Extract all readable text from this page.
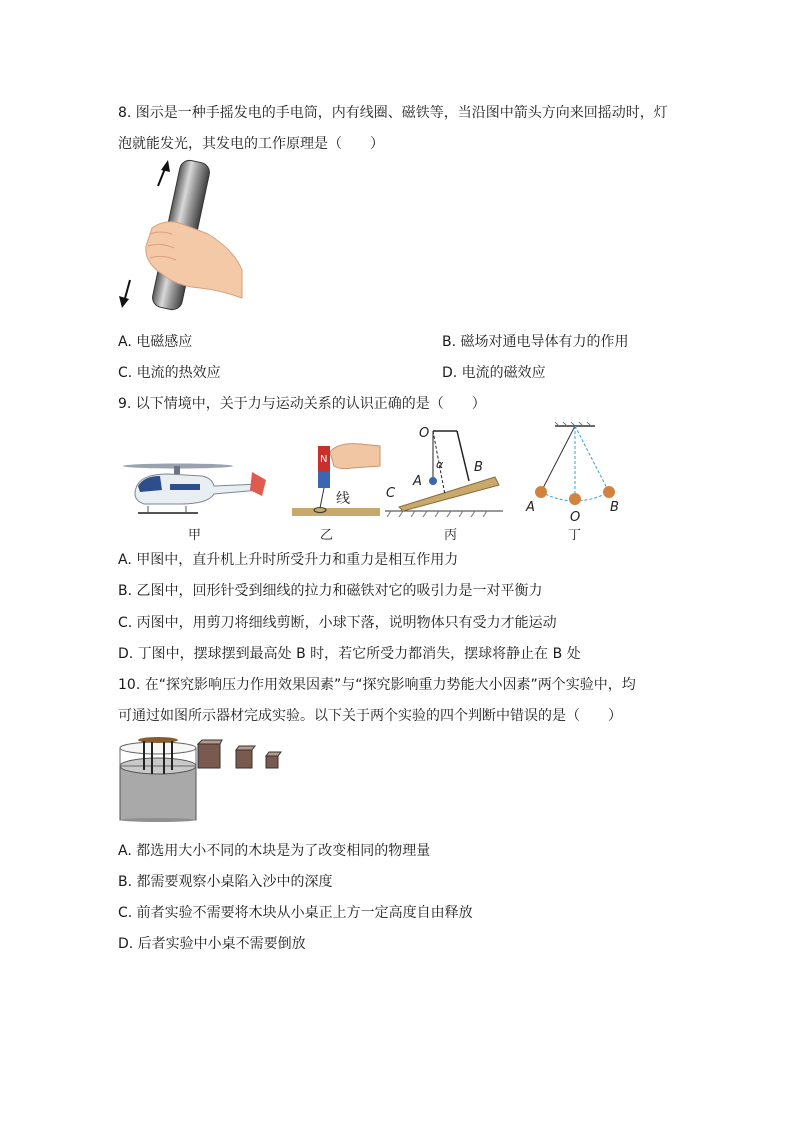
8. 图示是一种手摇发电的手电筒，内有线圈、磁铁等，当沿图中箭头方向来回摇动时，灯
泡就能发光，其发电的工作原理是（　　）
A. 电磁感应	B. 磁场对通电导体有力的作用
C. 电流的热效应	D. 电流的磁效应
9. 以下情境中，关于力与运动关系的认识正确的是（　　）
甲
线
N
乙
O
A
B
C
α
丙
A
O
B
丁
A. 甲图中，直升机上升时所受升力和重力是相互作用力
B. 乙图中，回形针受到细线的拉力和磁铁对它的吸引力是一对平衡力
C. 丙图中，用剪刀将细线剪断，小球下落，说明物体只有受力才能运动
D. 丁图中，摆球摆到最高处 B 时，若它所受力都消失，摆球将静止在 B 处
10. 在“探究影响压力作用效果因素”与“探究影响重力势能大小因素”两个实验中，均
可通过如图所示器材完成实验。以下关于两个实验的四个判断中错误的是（　　）
A. 都选用大小不同的木块是为了改变相同的物理量
B. 都需要观察小桌陷入沙中的深度
C. 前者实验不需要将木块从小桌正上方一定高度自由释放
D. 后者实验中小桌不需要倒放
